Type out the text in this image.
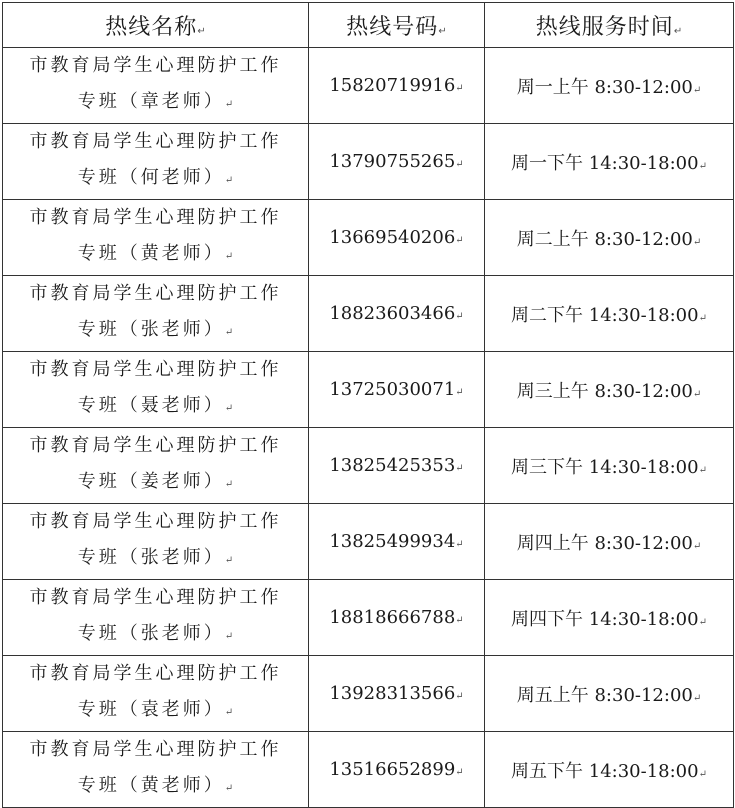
热线名称↵	热线号码↵	热线服务时间↵

市教育局学生心理防护工作
专班（章老师）↵	15820719916↵	周一上午 8:30-12:00↵

市教育局学生心理防护工作
专班（何老师）↵	13790755265↵	周一下午 14:30-18:00↵

市教育局学生心理防护工作
专班（黄老师）↵	13669540206↵	周二上午 8:30-12:00↵

市教育局学生心理防护工作
专班（张老师）↵	18823603466↵	周二下午 14:30-18:00↵

市教育局学生心理防护工作
专班（聂老师）↵	13725030071↵	周三上午 8:30-12:00↵

市教育局学生心理防护工作
专班（姜老师）↵	13825425353↵	周三下午 14:30-18:00↵

市教育局学生心理防护工作
专班（张老师）↵	13825499934↵	周四上午 8:30-12:00↵

市教育局学生心理防护工作
专班（张老师）↵	18818666788↵	周四下午 14:30-18:00↵

市教育局学生心理防护工作
专班（袁老师）↵	13928313566↵	周五上午 8:30-12:00↵

市教育局学生心理防护工作
专班（黄老师）↵	13516652899↵	周五下午 14:30-18:00↵
